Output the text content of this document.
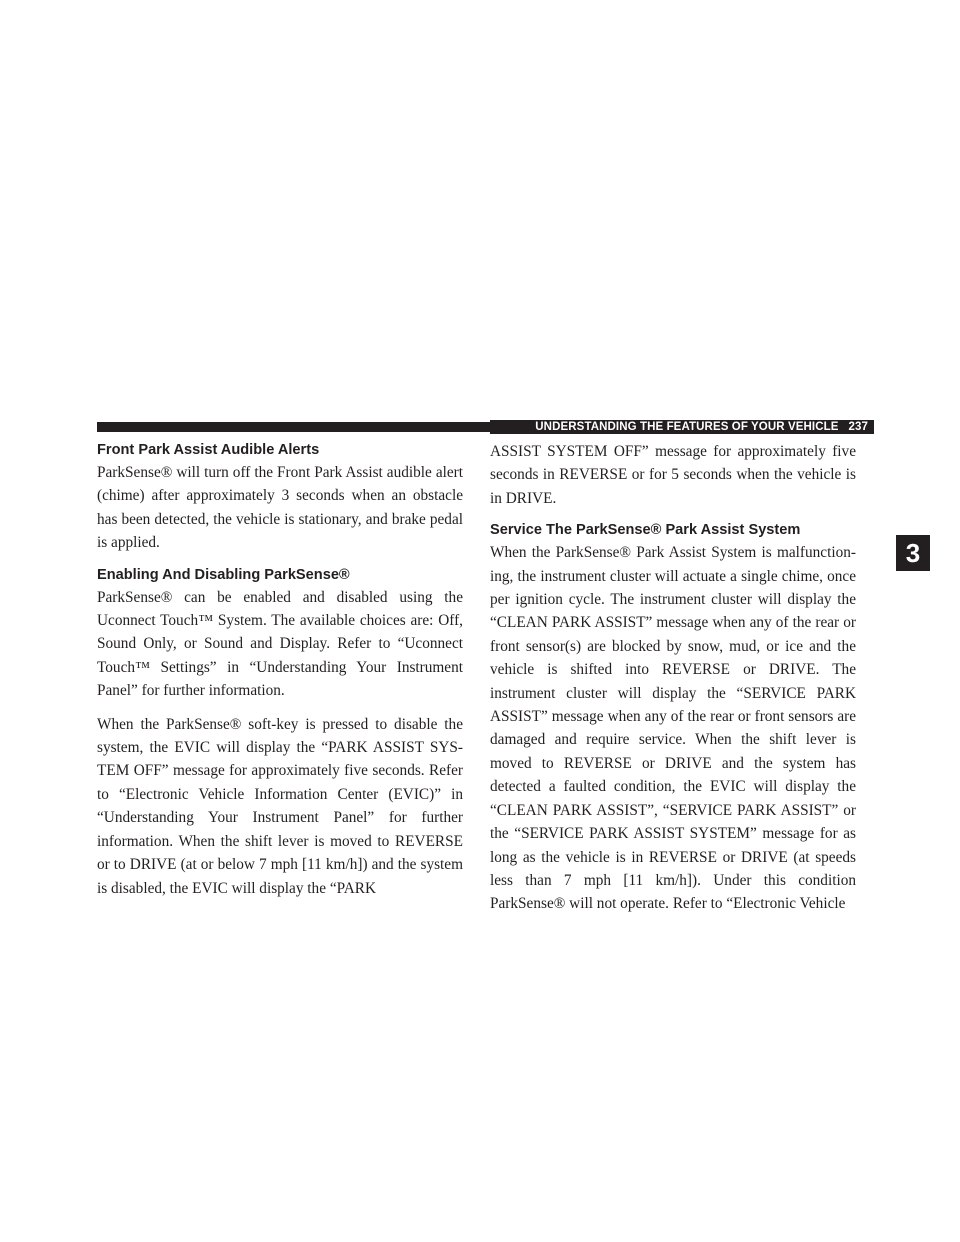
UNDERSTANDING THE FEATURES OF YOUR VEHICLE 237
3
Front Park Assist Audible Alerts

ParkSense® will turn off the Front Park Assist audible alert (chime) after approximately 3 seconds when an obstacle has been detected, the vehicle is stationary, and brake pedal is applied.

Enabling And Disabling ParkSense®

ParkSense® can be enabled and disabled using the Uconnect Touch™ System. The available choices are: Off, Sound Only, or Sound and Display. Refer to “Uconnect Touch™ Settings” in “Understanding Your Instrument Panel” for further information.

When the ParkSense® soft-key is pressed to disable the system, the EVIC will display the “PARK ASSIST SYSTEM OFF” message for approximately five seconds. Refer to “Electronic Vehicle Information Center (EVIC)” in “Understanding Your Instrument Panel” for further information. When the shift lever is moved to REVERSE or to DRIVE (at or below 7 mph [11 km/h]) and the system is disabled, the EVIC will display the “PARK

ASSIST SYSTEM OFF” message for approximately five seconds in REVERSE or for 5 seconds when the vehicle is in DRIVE.

Service The ParkSense® Park Assist System

When the ParkSense® Park Assist System is malfunctioning, the instrument cluster will actuate a single chime, once per ignition cycle. The instrument cluster will display the “CLEAN PARK ASSIST” message when any of the rear or front sensor(s) are blocked by snow, mud, or ice and the vehicle is shifted into REVERSE or DRIVE. The instrument cluster will display the “SERVICE PARK ASSIST” message when any of the rear or front sensors are damaged and require service. When the shift lever is moved to REVERSE or DRIVE and the system has detected a faulted condition, the EVIC will display the “CLEAN PARK ASSIST”, “SERVICE PARK ASSIST” or the “SERVICE PARK ASSIST SYSTEM” message for as long as the vehicle is in REVERSE or DRIVE (at speeds less than 7 mph [11 km/h]). Under this condition ParkSense® will not operate. Refer to “Electronic Vehicle
